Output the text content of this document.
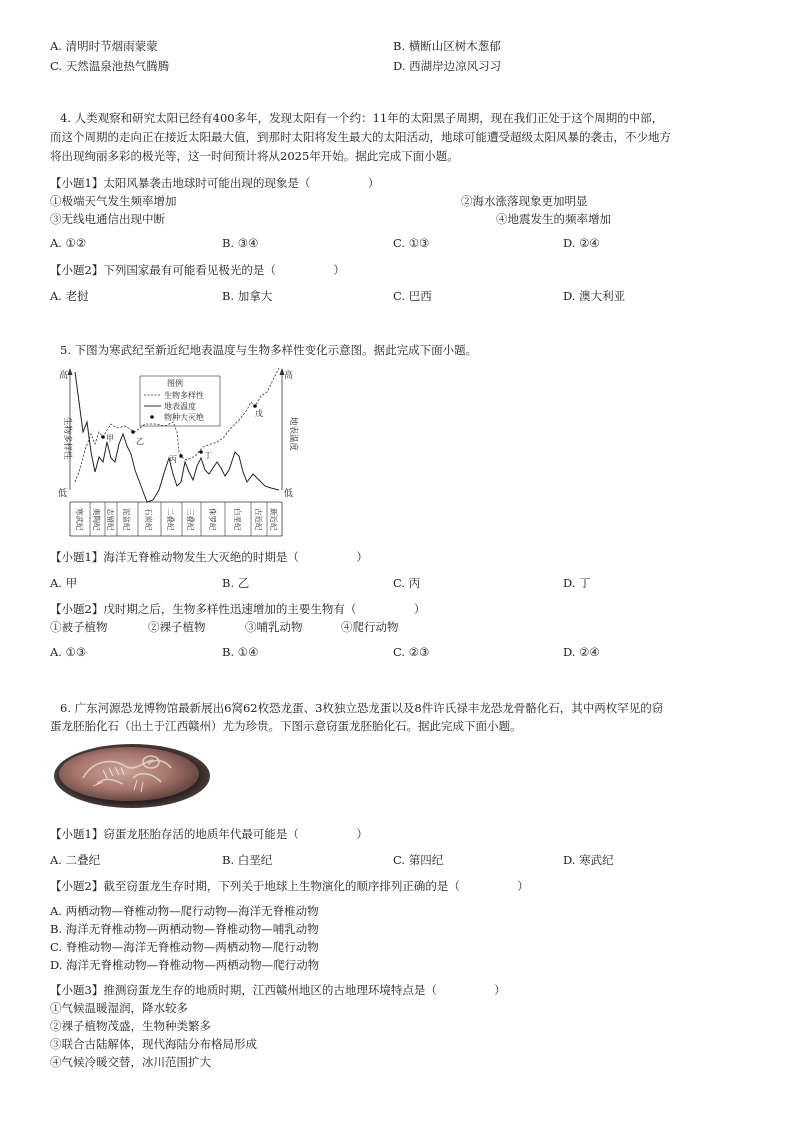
A. 清明时节烟雨蒙蒙	B. 横断山区树木葱郁
C. 天然温泉池热气腾腾	D. 西湖岸边凉风习习
4. 人类观察和研究太阳已经有400多年，发现太阳有一个约：11年的太阳黑子周期，现在我们正处于这个周期的中部，
而这个周期的走向正在接近太阳最大值，到那时太阳将发生最大的太阳活动，地球可能遭受超级太阳风暴的袭击，不少地方
将出现绚丽多彩的极光等，这一时间预计将从2025年开始。据此完成下面小题。
【小题1】太阳风暴袭击地球时可能出现的现象是（　　　　　）
①极端天气发生频率增加	②海水涨落现象更加明显
③无线电通信出现中断	④地震发生的频率增加
A. ①②	B. ③④	C. ①③	D. ②④
【小题2】下列国家最有可能看见极光的是（　　　　　）
A. 老挝	B. 加拿大	C. 巴西	D. 澳大利亚
5. 下图为寒武纪至新近纪地表温度与生物多样性变化示意图。据此完成下面小题。
高	高
低	低
生物多样性	地表温度
图例
生物多样性
地表温度
物种大灭绝
甲	乙
丙	丁
戊
寒武纪 奥陶纪 志留纪 泥盆纪 石炭纪 二叠纪 三叠纪 侏罗纪 白垩纪 古近纪 新近纪
【小题1】海洋无脊椎动物发生大灭绝的时期是（　　　　　）
A. 甲	B. 乙	C. 丙	D. 丁
【小题2】戊时期之后，生物多样性迅速增加的主要生物有（　　　　　）
①被子植物	②裸子植物	③哺乳动物	④爬行动物
A. ①③	B. ①④	C. ②③	D. ②④
6. 广东河源恐龙博物馆最新展出6窝62枚恐龙蛋、3枚独立恐龙蛋以及8件许氏禄丰龙恐龙骨骼化石，其中两枚罕见的窃
蛋龙胚胎化石（出土于江西赣州）尤为珍贵。下图示意窃蛋龙胚胎化石。据此完成下面小题。
【小题1】窃蛋龙胚胎存活的地质年代最可能是（　　　　　）
A. 二叠纪	B. 白垩纪	C. 第四纪	D. 寒武纪
【小题2】截至窃蛋龙生存时期，下列关于地球上生物演化的顺序排列正确的是（　　　　　）
A. 两栖动物—脊椎动物—爬行动物—海洋无脊椎动物
B. 海洋无脊椎动物—两栖动物—脊椎动物—哺乳动物
C. 脊椎动物—海洋无脊椎动物—两栖动物—爬行动物
D. 海洋无脊椎动物—脊椎动物—两栖动物—爬行动物
【小题3】推测窃蛋龙生存的地质时期，江西赣州地区的古地理环境特点是（　　　　　）
①气候温暖湿润，降水较多
②裸子植物茂盛，生物种类繁多
③联合古陆解体，现代海陆分布格局形成
④气候冷暖交替，冰川范围扩大
